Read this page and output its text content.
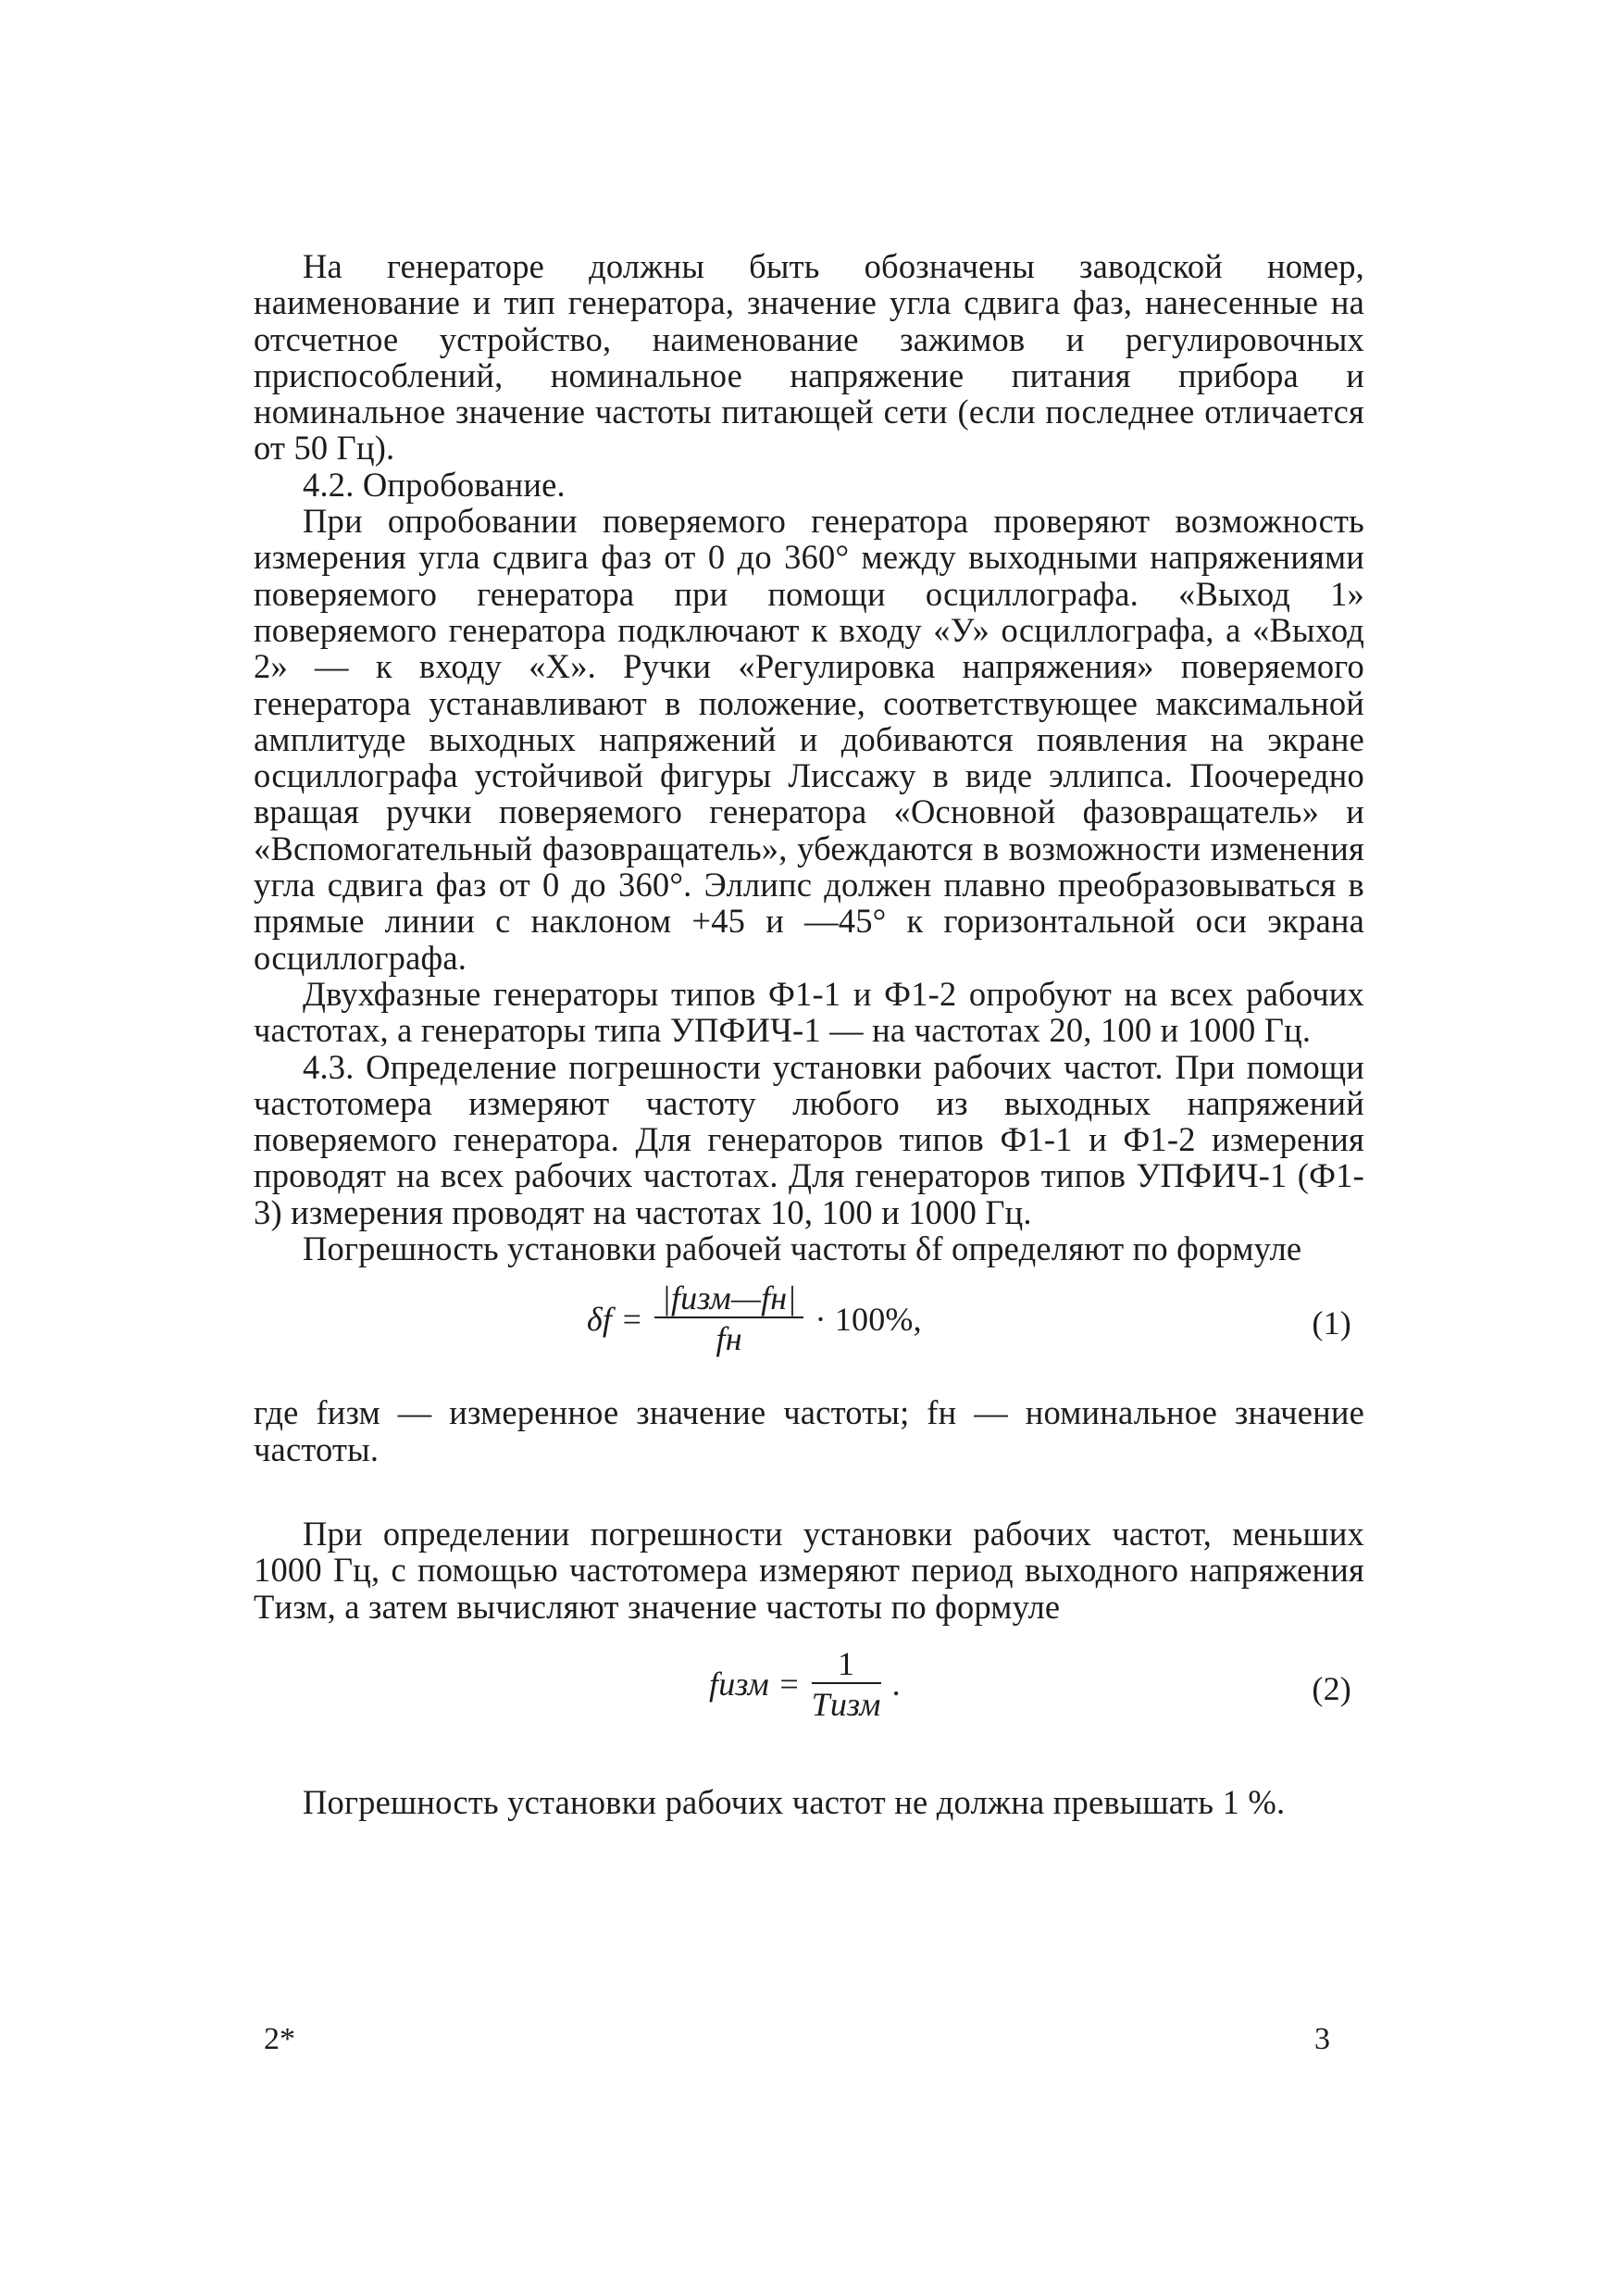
На генераторе должны быть обозначены заводской номер, наименование и тип генератора, значение угла сдвига фаз, нанесенные на отсчетное устройство, наименование зажимов и регулировочных приспособлений, номинальное напряжение питания прибора и номинальное значение частоты питающей сети (если последнее отличается от 50 Гц).

4.2. Опробование.

При опробовании поверяемого генератора проверяют возможность измерения угла сдвига фаз от 0 до 360° между выходными напряжениями поверяемого генератора при помощи осциллографа. «Выход 1» поверяемого генератора подключают к входу «У» осциллографа, а «Выход 2» — к входу «Х». Ручки «Регулировка напряжения» поверяемого генератора устанавливают в положение, соответствующее максимальной амплитуде выходных напряжений и добиваются появления на экране осциллографа устойчивой фигуры Лиссажу в виде эллипса. Поочередно вращая ручки поверяемого генератора «Основной фазовращатель» и «Вспомогательный фазовращатель», убеждаются в возможности изменения угла сдвига фаз от 0 до 360°. Эллипс должен плавно преобразовываться в прямые линии с наклоном +45 и —45° к горизонтальной оси экрана осциллографа.

Двухфазные генераторы типов Ф1-1 и Ф1-2 опробуют на всех рабочих частотах, а генераторы типа УПФИЧ-1 — на частотах 20, 100 и 1000 Гц.

4.3. Определение погрешности установки рабочих частот. При помощи частотомера измеряют частоту любого из выходных напряжений поверяемого генератора. Для генераторов типов Ф1-1 и Ф1-2 измерения проводят на всех рабочих частотах. Для генераторов типов УПФИЧ-1 (Ф1-3) измерения проводят на частотах 10, 100 и 1000 Гц.

Погрешность установки рабочей частоты δf определяют по формуле

$\delta f = \frac{\text{|fизм—fн|}}{fн} \cdot 100\%$,	(1)

где fизм — измеренное значение частоты; fн — номинальное значение частоты.

При определении погрешности установки рабочих частот, меньших 1000 Гц, с помощью частотомера измеряют период выходного напряжения Tизм, а затем вычисляют значение частоты по формуле

fизм = $\frac{1}{\text{Tизм}}$ .	(2)

Погрешность установки рабочих частот не должна превышать 1 %.

2*	3
